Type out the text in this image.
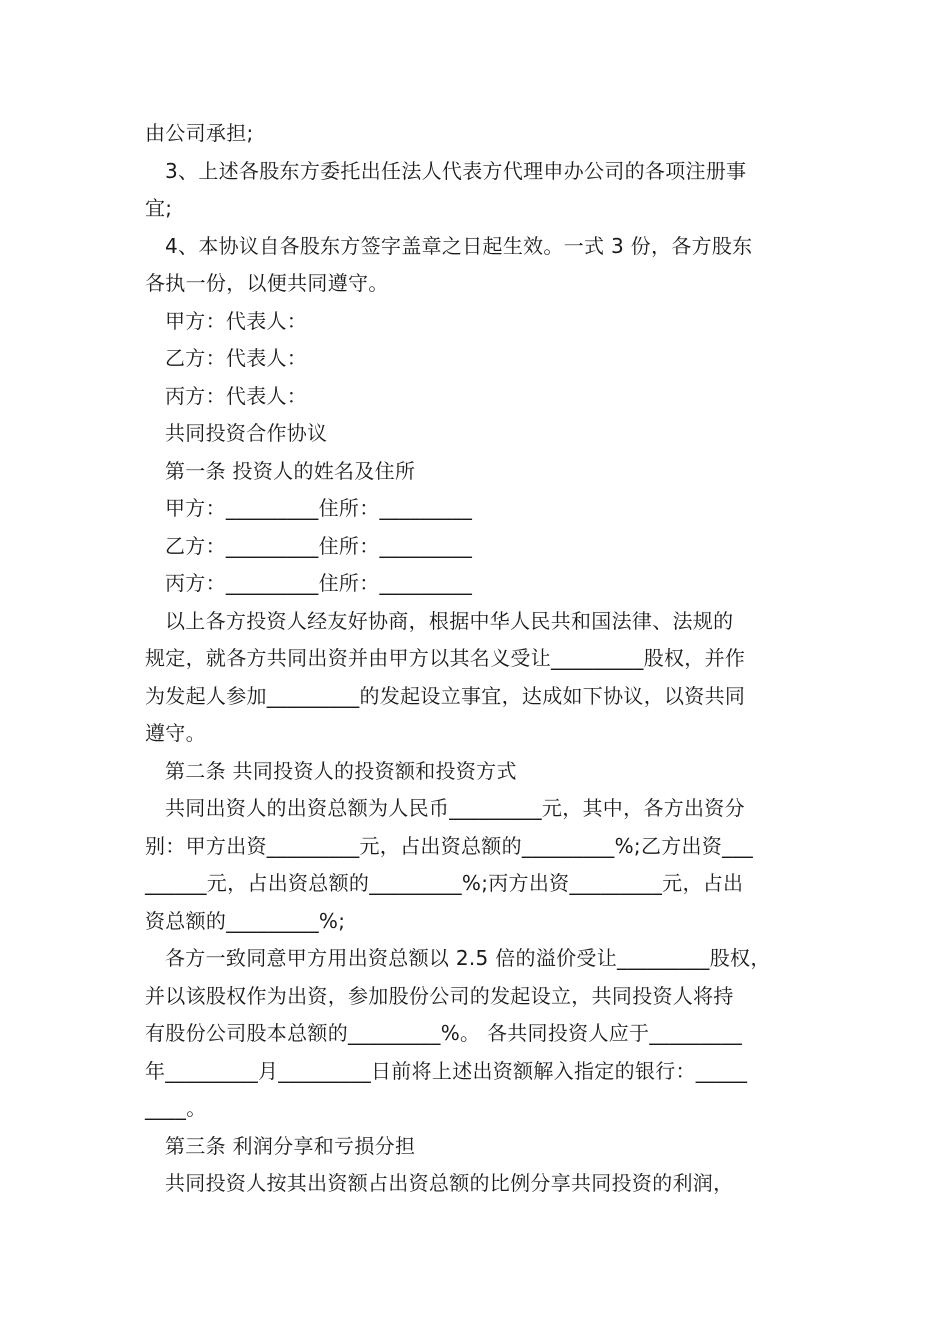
由公司承担;
3、上述各股东方委托出任法人代表方代理申办公司的各项注册事
宜;
4、本协议自各股东方签字盖章之日起生效。一式 3 份，各方股东
各执一份，以便共同遵守。
甲方：代表人：
乙方：代表人：
丙方：代表人：
共同投资合作协议
第一条 投资人的姓名及住所
甲方：_________住所：_________
乙方：_________住所：_________
丙方：_________住所：_________
以上各方投资人经友好协商，根据中华人民共和国法律、法规的
规定，就各方共同出资并由甲方以其名义受让_________股权，并作
为发起人参加_________的发起设立事宜，达成如下协议，以资共同
遵守。
第二条 共同投资人的投资额和投资方式
共同出资人的出资总额为人民币_________元，其中，各方出资分
别：甲方出资_________元，占出资总额的_________%;乙方出资___
______元，占出资总额的_________%;丙方出资_________元，占出
资总额的_________%;
各方一致同意甲方用出资总额以 2.5 倍的溢价受让_________股权，
并以该股权作为出资，参加股份公司的发起设立，共同投资人将持
有股份公司股本总额的_________%。 各共同投资人应于_________
年_________月_________日前将上述出资额解入指定的银行：_____
____。
第三条 利润分享和亏损分担
共同投资人按其出资额占出资总额的比例分享共同投资的利润，
